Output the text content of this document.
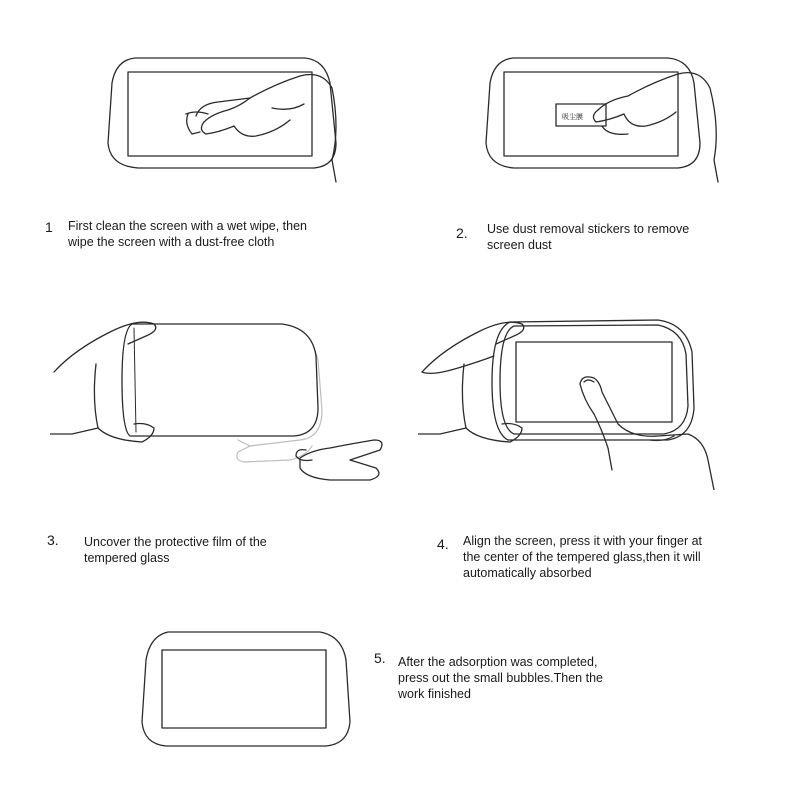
1 First clean the screen with a wet wipe, then
wipe the screen with a dust-free cloth
吸尘膜
2. Use dust removal stickers to remove
screen dust
3. Uncover the protective film of the
tempered glass
4. Align the screen, press it with your finger at
the center of the tempered glass,then it will
automatically absorbed
5. After the adsorption was completed,
press out the small bubbles.Then the
work finished
